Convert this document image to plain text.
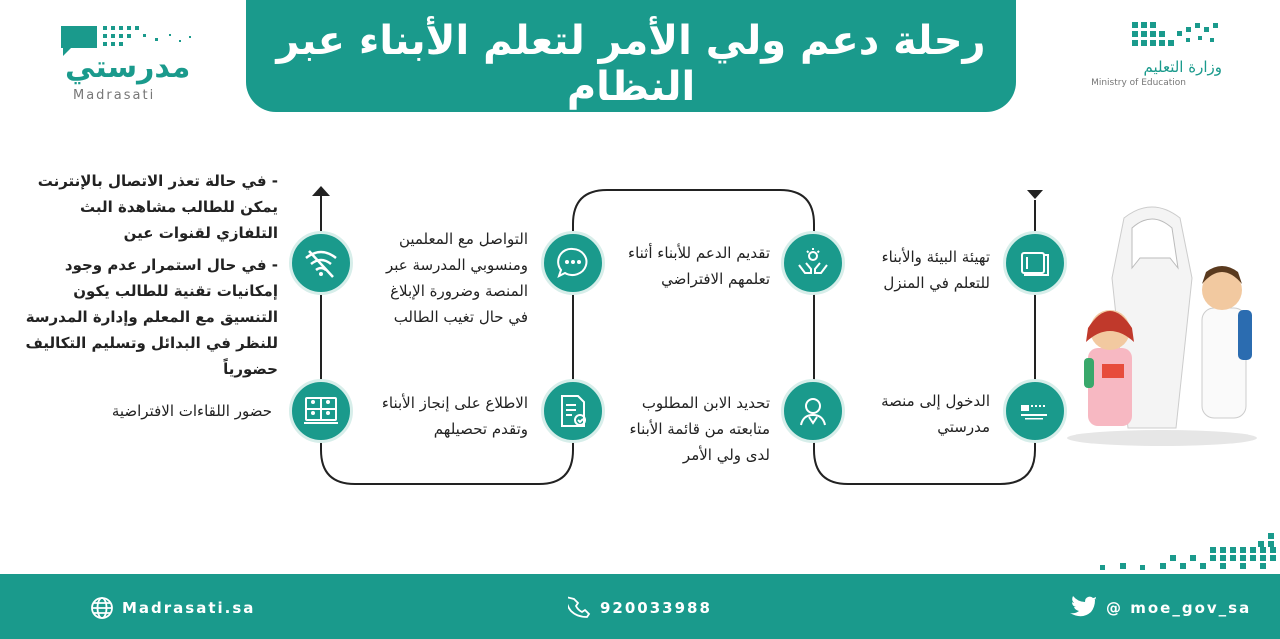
رحلة دعم ولي الأمر لتعلم الأبناء عبر النظام	وزارة التعليم
Ministry of Education
مدرستي
Madrasati
تهيئة البيئة والأبناء للتعلم في المنزل
الدخول إلى منصة مدرستي
تحديد الابن المطلوب متابعته من قائمة الأبناء لدى ولي الأمر
تقديم الدعم للأبناء أثناء تعلمهم الافتراضي
التواصل مع المعلمين ومنسوبي المدرسة عبر المنصة وضرورة الإبلاغ في حال تغيب الطالب
الاطلاع على إنجاز الأبناء وتقدم تحصيلهم
حضور اللقاءات الافتراضية
- في حالة تعذر الاتصال بالإنترنت يمكن للطالب مشاهدة البث التلفازي لقنوات عين
- في حال استمرار عدم وجود إمكانيات تقنية للطالب يكون التنسيق مع المعلم وإدارة المدرسة للنظر في البدائل وتسليم التكاليف حضورياً
Madrasati.sa	920033988	@ moe_gov_sa
